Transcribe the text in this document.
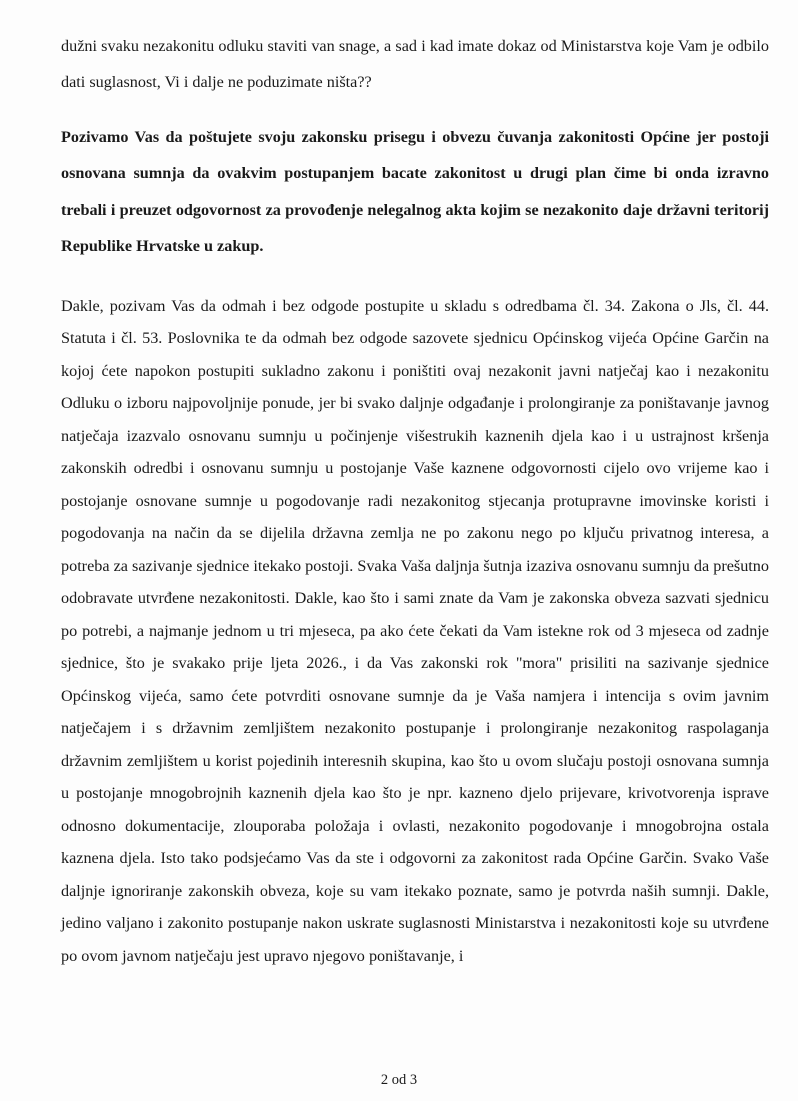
dužni svaku nezakonitu odluku staviti van snage, a sad i kad imate dokaz od Ministarstva koje Vam je odbilo dati suglasnost, Vi i dalje ne poduzimate ništa??

Pozivamo Vas da poštujete svoju zakonsku prisegu i obvezu čuvanja zakonitosti Općine jer postoji osnovana sumnja da ovakvim postupanjem bacate zakonitost u drugi plan čime bi onda izravno trebali i preuzet odgovornost za provođenje nelegalnog akta kojim se nezakonito daje državni teritorij Republike Hrvatske u zakup.

Dakle, pozivam Vas da odmah i bez odgode postupite u skladu s odredbama čl. 34. Zakona o Jls, čl. 44. Statuta i čl. 53. Poslovnika te da odmah bez odgode sazovete sjednicu Općinskog vijeća Općine Garčin na kojoj ćete napokon postupiti sukladno zakonu i poništiti ovaj nezakonit javni natječaj kao i nezakonitu Odluku o izboru najpovoljnije ponude, jer bi svako daljnje odgađanje i prolongiranje za poništavanje javnog natječaja izazvalo osnovanu sumnju u počinjenje višestrukih kaznenih djela kao i u ustrajnost kršenja zakonskih odredbi i osnovanu sumnju u postojanje Vaše kaznene odgovornosti cijelo ovo vrijeme kao i postojanje osnovane sumnje u pogodovanje radi nezakonitog stjecanja protupravne imovinske koristi i pogodovanja na način da se dijelila državna zemlja ne po zakonu nego po ključu privatnog interesa, a potreba za sazivanje sjednice itekako postoji. Svaka Vaša daljnja šutnja izaziva osnovanu sumnju da prešutno odobravate utvrđene nezakonitosti. Dakle, kao što i sami znate da Vam je zakonska obveza sazvati sjednicu po potrebi, a najmanje jednom u tri mjeseca, pa ako ćete čekati da Vam istekne rok od 3 mjeseca od zadnje sjednice, što je svakako prije ljeta 2026., i da Vas zakonski rok "mora" prisiliti na sazivanje sjednice Općinskog vijeća, samo ćete potvrditi osnovane sumnje da je Vaša namjera i intencija s ovim javnim natječajem i s državnim zemljištem nezakonito postupanje i prolongiranje nezakonitog raspolaganja državnim zemljištem u korist pojedinih interesnih skupina, kao što u ovom slučaju postoji osnovana sumnja u postojanje mnogobrojnih kaznenih djela kao što je npr. kazneno djelo prijevare, krivotvorenja isprave odnosno dokumentacije, zlouporaba položaja i ovlasti, nezakonito pogodovanje i mnogobrojna ostala kaznena djela. Isto tako podsjećamo Vas da ste i odgovorni za zakonitost rada Općine Garčin. Svako Vaše daljnje ignoriranje zakonskih obveza, koje su vam itekako poznate, samo je potvrda naših sumnji. Dakle, jedino valjano i zakonito postupanje nakon uskrate suglasnosti Ministarstva i nezakonitosti koje su utvrđene po ovom javnom natječaju jest upravo njegovo poništavanje, i

2 od 3
